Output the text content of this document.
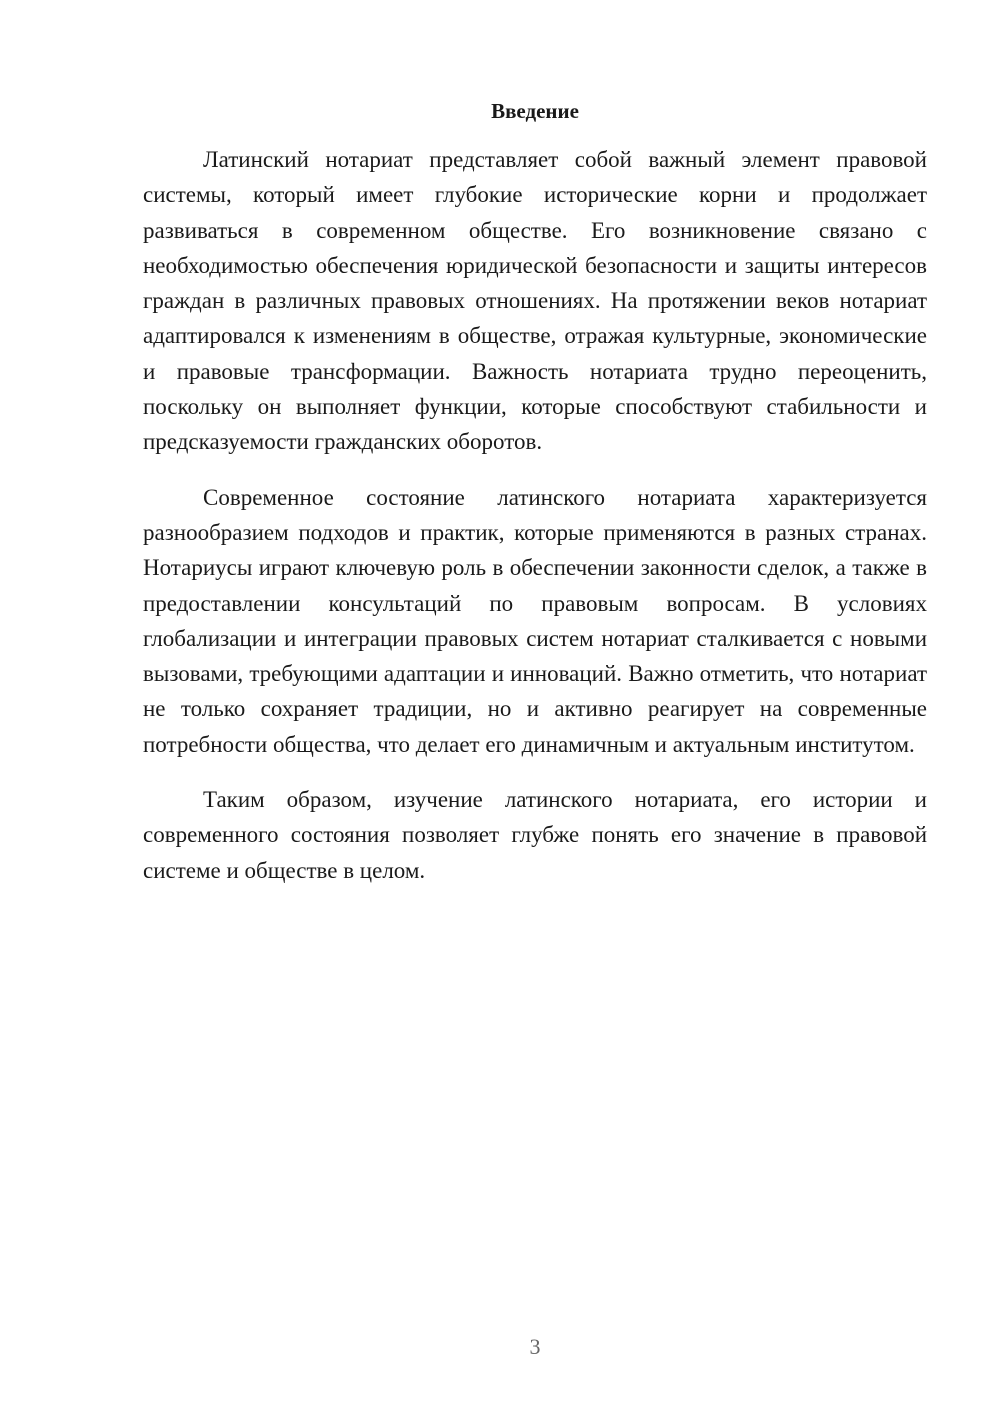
Введение

Латинский нотариат представляет собой важный элемент правовой системы, который имеет глубокие исторические корни и продолжает развиваться в современном обществе. Его возникновение связано с необходимостью обеспечения юридической безопасности и защиты интересов граждан в различных правовых отношениях. На протяжении веков нотариат адаптировался к изменениям в обществе, отражая культурные, экономические и правовые трансформации. Важность нотариата трудно переоценить, поскольку он выполняет функции, которые способствуют стабильности и предсказуемости гражданских оборотов.

Современное состояние латинского нотариата характеризуется разнообразием подходов и практик, которые применяются в разных странах. Нотариусы играют ключевую роль в обеспечении законности сделок, а также в предоставлении консультаций по правовым вопросам. В условиях глобализации и интеграции правовых систем нотариат сталкивается с новыми вызовами, требующими адаптации и инноваций. Важно отметить, что нотариат не только сохраняет традиции, но и активно реагирует на современные потребности общества, что делает его динамичным и актуальным институтом.

Таким образом, изучение латинского нотариата, его истории и современного состояния позволяет глубже понять его значение в правовой системе и обществе в целом.

3
